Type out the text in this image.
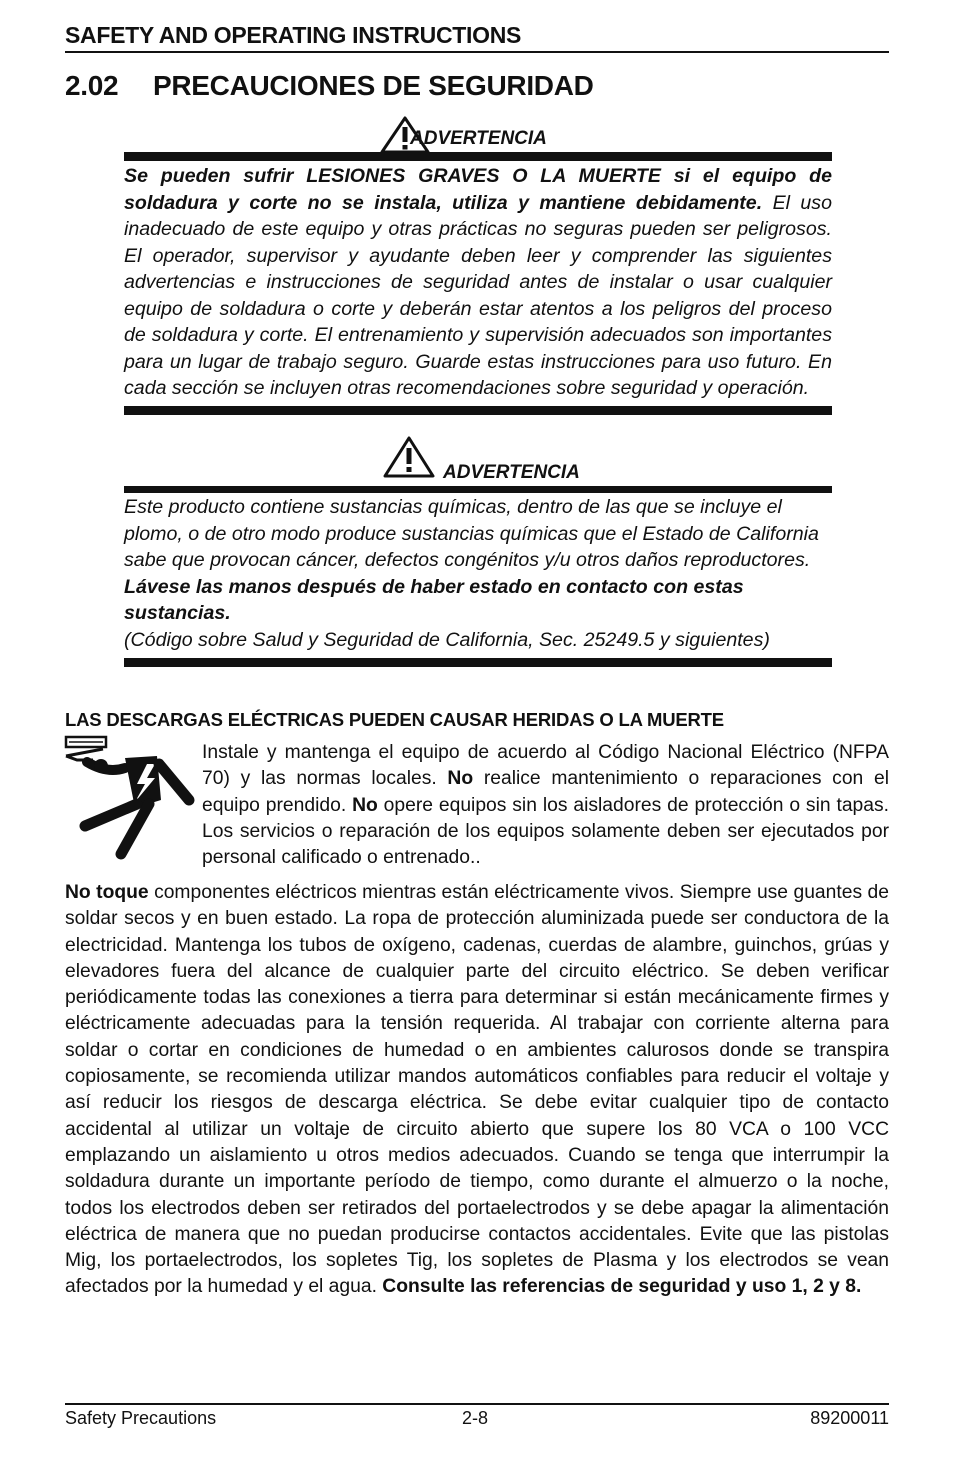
SAFETY AND OPERATING INSTRUCTIONS
2.02 PRECAUCIONES DE SEGURIDAD
ADVERTENCIA
Se pueden sufrir LESIONES GRAVES O LA MUERTE si el equipo de soldadura y corte no se instala, utiliza y mantiene debidamente. El uso inadecuado de este equipo y otras prácticas no seguras pueden ser peligrosos. El operador, supervisor y ayudante deben leer y comprender las siguientes advertencias e instrucciones de seguridad antes de instalar o usar cualquier equipo de soldadura o corte y deberán estar atentos a los peligros del proceso de soldadura y corte. El entrenamiento y supervisión adecuados son importantes para un lugar de trabajo seguro. Guarde estas instrucciones para uso futuro. En cada sección se incluyen otras recomendaciones sobre seguridad y operación.
ADVERTENCIA
Este producto contiene sustancias químicas, dentro de las que se incluye el plomo, o de otro modo produce sustancias químicas que el Estado de California sabe que provocan cáncer, defectos congénitos y/u otros daños reproductores.
Lávese las manos después de haber estado en contacto con estas sustancias.
(Código sobre Salud y Seguridad de California, Sec. 25249.5 y siguientes)
LAS DESCARGAS ELÉCTRICAS PUEDEN CAUSAR HERIDAS O LA MUERTE
Instale y mantenga el equipo de acuerdo al Código Nacional Eléctrico (NFPA 70) y las normas locales. No realice mantenimiento o reparaciones con el equipo prendido. No opere equipos sin los aisladores de protección o sin tapas. Los servicios o reparación de los equipos solamente deben ser ejecutados por personal calificado o entrenado..
No toque componentes eléctricos mientras están eléctricamente vivos. Siempre use guantes de soldar secos y en buen estado. La ropa de protección aluminizada puede ser conductora de la electricidad. Mantenga los tubos de oxígeno, cadenas, cuerdas de alambre, guinchos, grúas y elevadores fuera del alcance de cualquier parte del circuito eléctrico. Se deben verificar periódicamente todas las conexiones a tierra para determinar si están mecánicamente firmes y eléctricamente adecuadas para la tensión requerida. Al trabajar con corriente alterna para soldar o cortar en condiciones de humedad o en ambientes calurosos donde se transpira copiosamente, se recomienda utilizar mandos automáticos confiables para reducir el voltaje y así reducir los riesgos de descarga eléctrica. Se debe evitar cualquier tipo de contacto accidental al utilizar un voltaje de circuito abierto que supere los 80 VCA o 100 VCC emplazando un aislamiento u otros medios adecuados. Cuando se tenga que interrumpir la soldadura durante un importante período de tiempo, como durante el almuerzo o la noche, todos los electrodos deben ser retirados del portaelectrodos y se debe apagar la alimentación eléctrica de manera que no puedan producirse contactos accidentales. Evite que las pistolas Mig, los portaelectrodos, los sopletes Tig, los sopletes de Plasma y los electrodos se vean afectados por la humedad y el agua. Consulte las referencias de seguridad y uso 1, 2 y 8.
Safety Precautions	2-8	89200011
